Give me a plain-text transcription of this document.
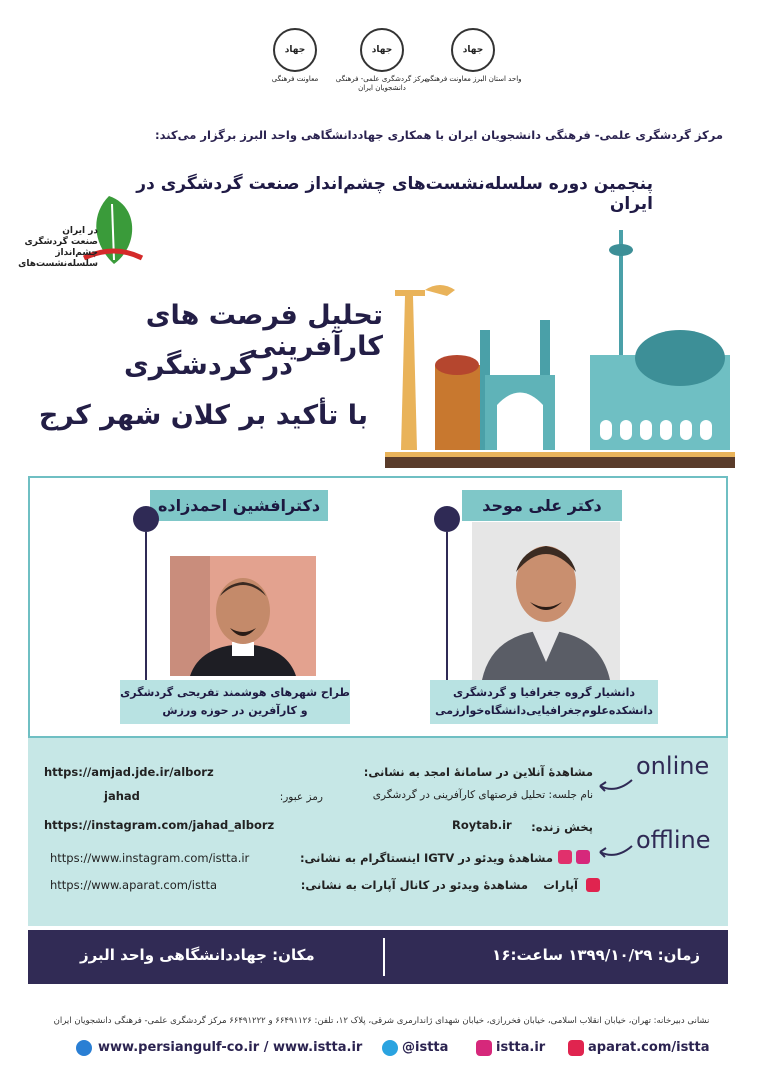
جهاد
معاونت فرهنگی
جهاد
مرکز گردشگری علمی- فرهنگی دانشجویان ایران
جهاد
واحد استان البرز معاونت فرهنگی
مرکز گردشگری علمی- فرهنگی دانشجویان ایران با همکاری جهاددانشگاهی واحد البرز برگزار می‌کند:
پنجمین دوره سلسله‌نشست‌های چشم‌انداز صنعت گردشگری در ایران
در ایران
صنعت گردشگری
چشم‌انداز
سلسله‌نشست‌های
تحلیل فرصت های کارآفرینی
در گردشگری
با تأکید بر کلان شهر کرج
دکترافشین احمدزاده
طراح شهرهای هوشمند تفریحی گردشگری
و کارآفرین در حوزه ورزش
دکتر علی موحد
دانشیار گروه جغرافیا و گردشگری
دانشکده‌علوم‌جغرافیایی‌دانشگاه‌خوارزمی
online
offline
مشاهدهٔ آنلاین در سامانهٔ امجد به نشانی:
https://amjad.jde.ir/alborz
نام جلسه: تحلیل فرصتهای کارآفرینی در گردشگری
رمز عبور:
jahad
پخش زنده:
Roytab.ir
https://instagram.com/jahad_alborz
مشاهدهٔ ویدئو در IGTV اینستاگرام به نشانی:
https://www.instagram.com/istta.ir
آپارات
مشاهدهٔ ویدئو در کانال آپارات به نشانی:
https://www.aparat.com/istta
زمان: ۱۳۹۹/۱۰/۲۹ ساعت:۱۶
مکان: جهاددانشگاهی واحد البرز
نشانی دبیرخانه: تهران، خیابان انقلاب اسلامی، خیابان فخررازی، خیابان شهدای ژاندارمری شرقی، پلاک ۱۲، تلفن: ۶۶۴۹۱۱۲۶ و ۶۶۴۹۱۲۲۲ مرکز گردشگری علمی- فرهنگی دانشجویان ایران
www.persiangulf-co.ir / www.istta.ir	@istta	istta.ir	aparat.com/istta
